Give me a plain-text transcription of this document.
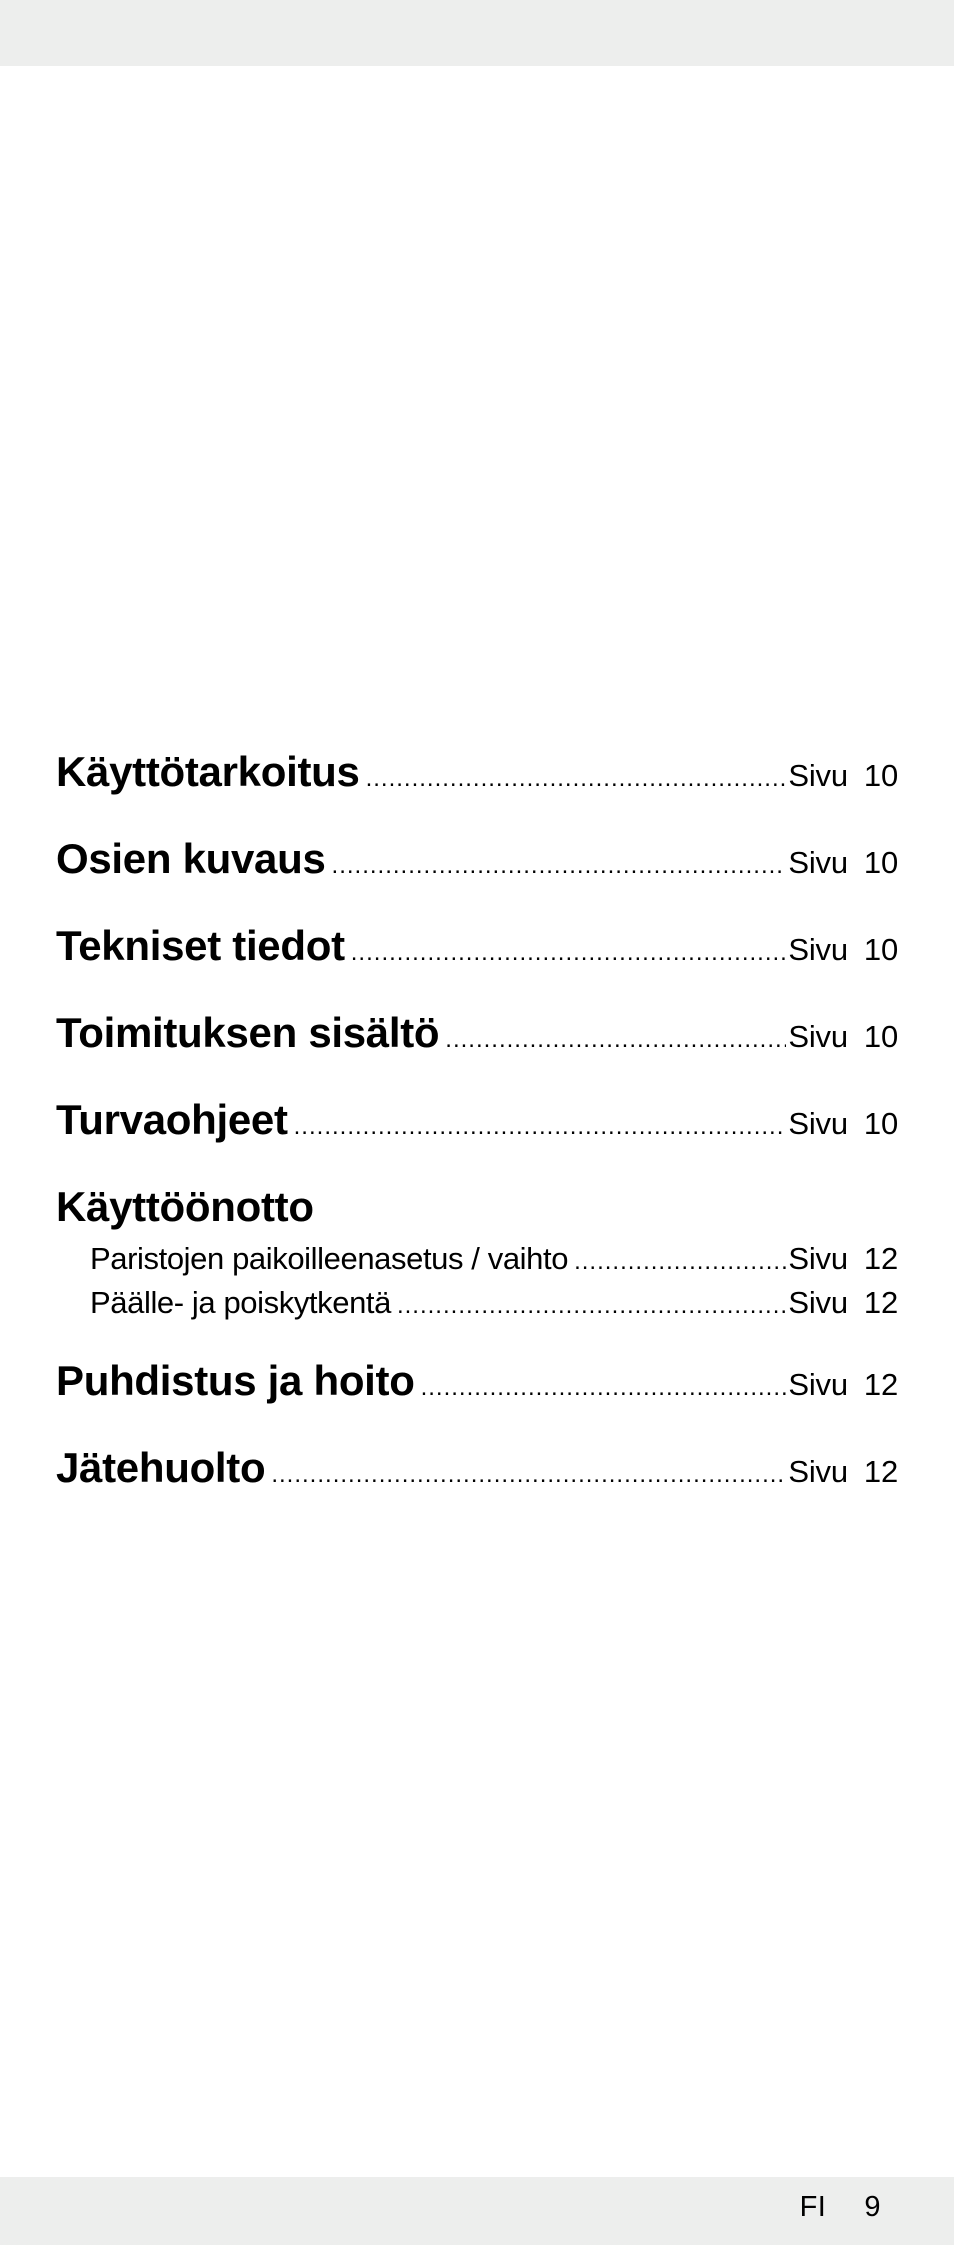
Käyttötarkoitus .....	Sivu 10
Osien kuvaus .....	Sivu 10
Tekniset tiedot .....	Sivu 10
Toimituksen sisältö .....	Sivu 10
Turvaohjeet .....	Sivu 10
Käyttöönotto
Paristojen paikoilleenasetus / vaihto .....	Sivu 12
Päälle- ja poiskytkentä .....	Sivu 12
Puhdistus ja hoito .....	Sivu 12
Jätehuolto .....	Sivu 12
FI 9
